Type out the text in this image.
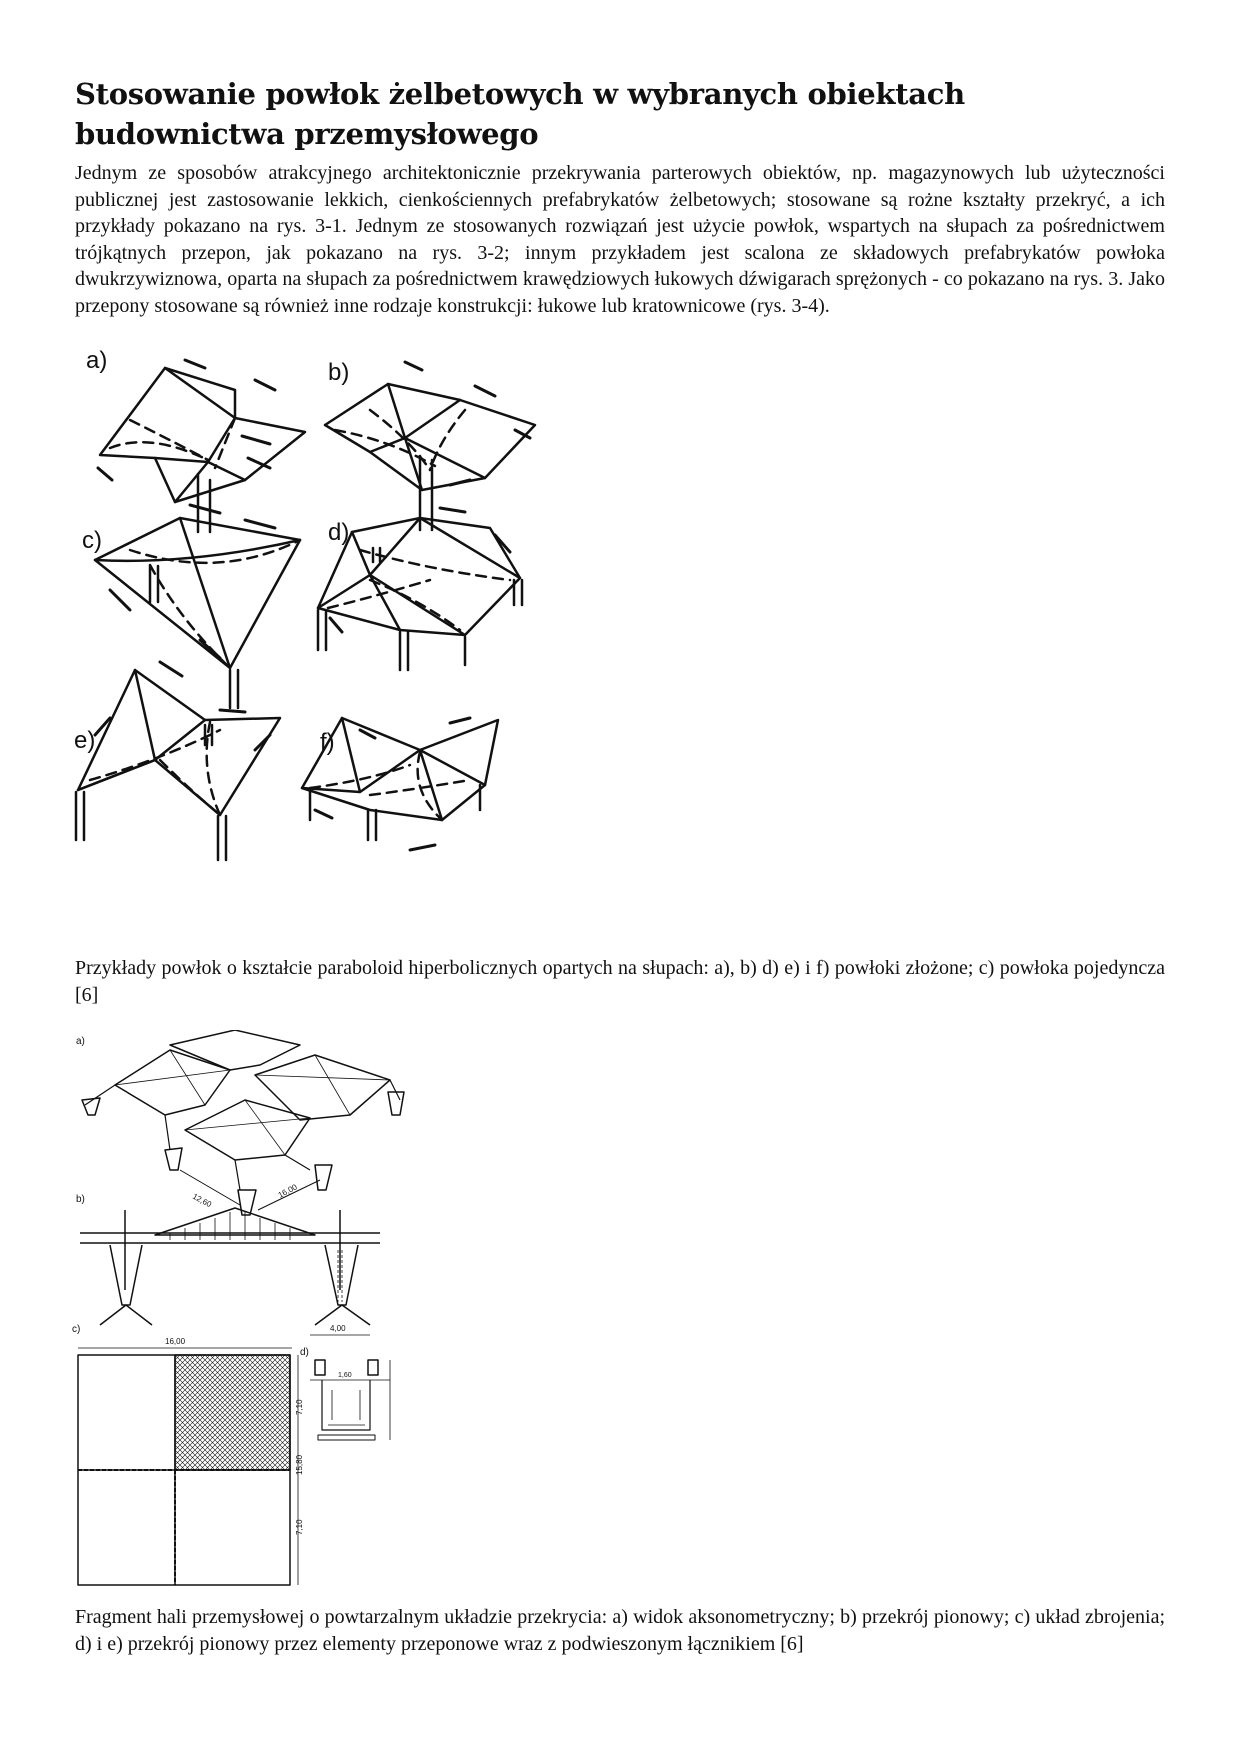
Stosowanie powłok żelbetowych w wybranych obiektach budownictwa przemysłowego

Jednym ze sposobów atrakcyjnego architektonicznie przekrywania parterowych obiektów, np. magazynowych lub użyteczności publicznej jest zastosowanie lekkich, cienkościennych prefabrykatów żelbetowych; stosowane są rożne kształty przekryć, a ich przykłady pokazano na rys. 3-1. Jednym ze stosowanych rozwiązań jest użycie powłok, wspartych na słupach za pośrednictwem trójkątnych przepon, jak pokazano na rys. 3-2; innym przykładem jest scalona ze składowych prefabrykatów powłoka dwukrzywiznowa, oparta na słupach za pośrednictwem krawędziowych łukowych dźwigarach sprężonych - co pokazano na rys. 3. Jako przepony stosowane są również inne rodzaje konstrukcji: łukowe lub kratownicowe (rys. 3-4).

a)	b)
c)	d)
e)	f)

Przykłady powłok o kształcie paraboloid hiperbolicznych opartych na słupach: a), b) d) e) i f) powłoki złożone; c) powłoka pojedyncza [6]

a)
12,60
16,00
b)
4,00
c)
16,00
7,10
15,80
7,10
d)
1,60

Fragment hali przemysłowej o powtarzalnym układzie przekrycia: a) widok aksonometryczny; b) przekrój pionowy; c) układ zbrojenia; d) i e) przekrój pionowy przez elementy przeponowe wraz z podwieszonym łącznikiem [6]
